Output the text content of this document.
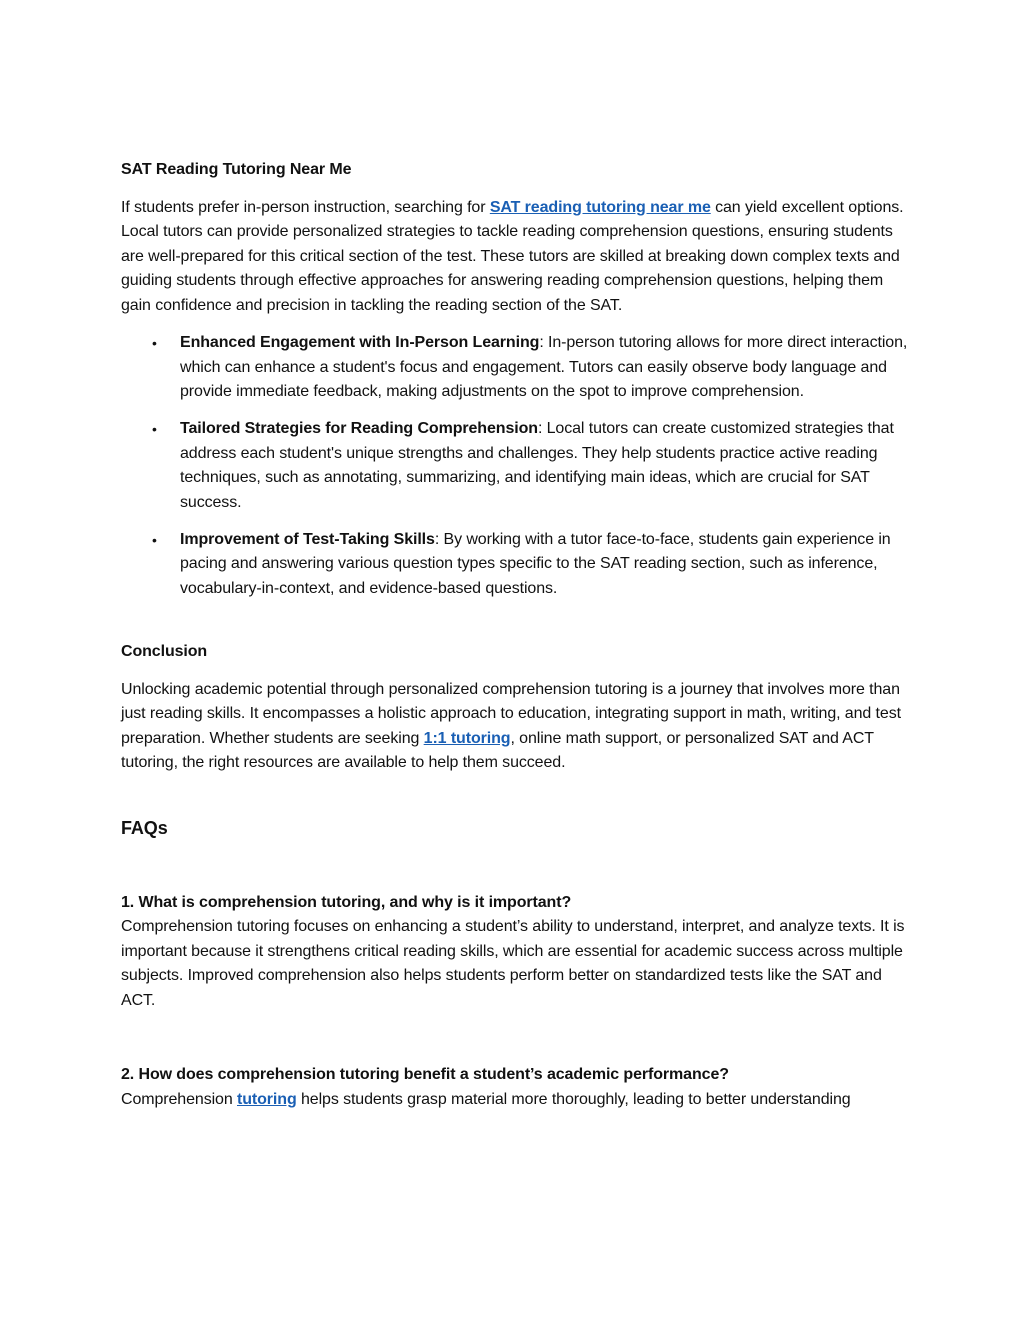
SAT Reading Tutoring Near Me

If students prefer in-person instruction, searching for SAT reading tutoring near me can yield excellent options. Local tutors can provide personalized strategies to tackle reading comprehension questions, ensuring students are well-prepared for this critical section of the test. These tutors are skilled at breaking down complex texts and guiding students through effective approaches for answering reading comprehension questions, helping them gain confidence and precision in tackling the reading section of the SAT.

• Enhanced Engagement with In-Person Learning: In-person tutoring allows for more direct interaction, which can enhance a student's focus and engagement. Tutors can easily observe body language and provide immediate feedback, making adjustments on the spot to improve comprehension.
• Tailored Strategies for Reading Comprehension: Local tutors can create customized strategies that address each student's unique strengths and challenges. They help students practice active reading techniques, such as annotating, summarizing, and identifying main ideas, which are crucial for SAT success.
• Improvement of Test-Taking Skills: By working with a tutor face-to-face, students gain experience in pacing and answering various question types specific to the SAT reading section, such as inference, vocabulary-in-context, and evidence-based questions.
Conclusion

Unlocking academic potential through personalized comprehension tutoring is a journey that involves more than just reading skills. It encompasses a holistic approach to education, integrating support in math, writing, and test preparation. Whether students are seeking 1:1 tutoring, online math support, or personalized SAT and ACT tutoring, the right resources are available to help them succeed.

FAQs

1. What is comprehension tutoring, and why is it important?

Comprehension tutoring focuses on enhancing a student’s ability to understand, interpret, and analyze texts. It is important because it strengthens critical reading skills, which are essential for academic success across multiple subjects. Improved comprehension also helps students perform better on standardized tests like the SAT and ACT.

2. How does comprehension tutoring benefit a student’s academic performance?

Comprehension tutoring helps students grasp material more thoroughly, leading to better understanding
